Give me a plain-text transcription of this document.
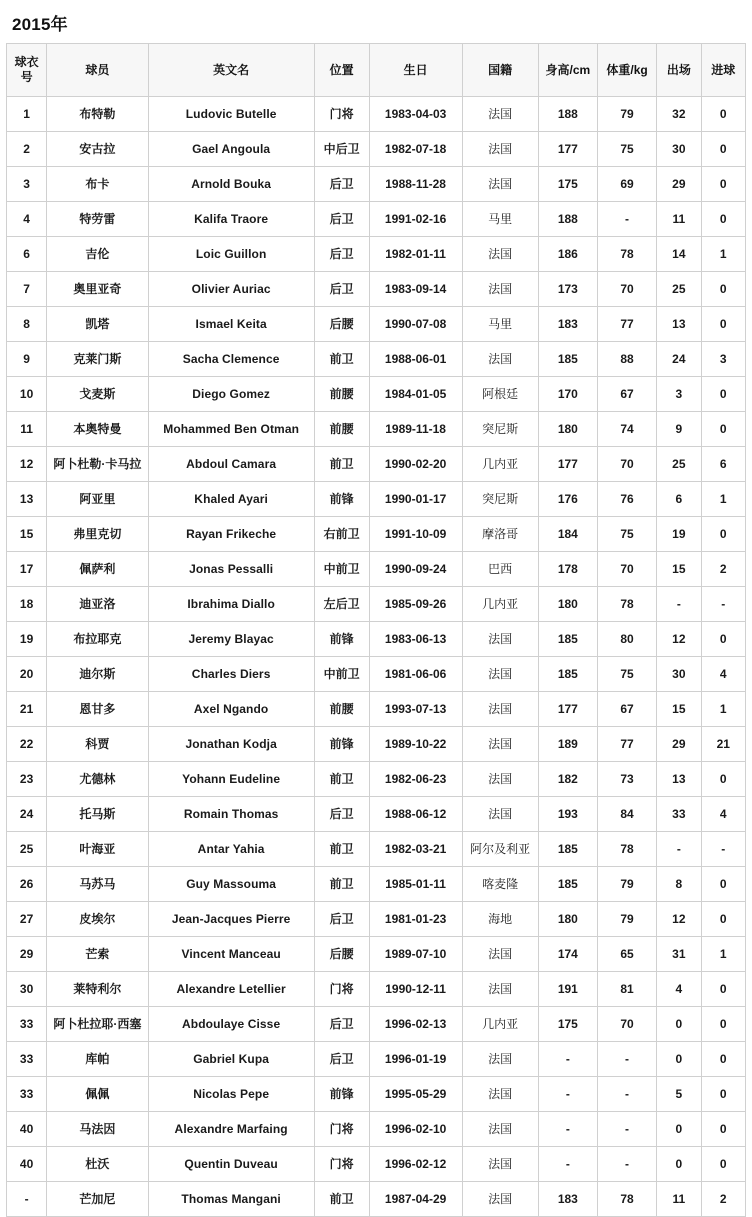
2015年
球衣号	球员	英文名	位置	生日	国籍	身高/cm	体重/kg	出场	进球
1	布特勒	Ludovic Butelle	门将	1983-04-03	法国	188	79	32	0
2	安古拉	Gael Angoula	中后卫	1982-07-18	法国	177	75	30	0
3	布卡	Arnold Bouka	后卫	1988-11-28	法国	175	69	29	0
4	特劳雷	Kalifa Traore	后卫	1991-02-16	马里	188	-	11	0
6	吉伦	Loic Guillon	后卫	1982-01-11	法国	186	78	14	1
7	奥里亚奇	Olivier Auriac	后卫	1983-09-14	法国	173	70	25	0
8	凯塔	Ismael Keita	后腰	1990-07-08	马里	183	77	13	0
9	克莱门斯	Sacha Clemence	前卫	1988-06-01	法国	185	88	24	3
10	戈麦斯	Diego Gomez	前腰	1984-01-05	阿根廷	170	67	3	0
11	本奥特曼	Mohammed Ben Otman	前腰	1989-11-18	突尼斯	180	74	9	0
12	阿卜杜勒·卡马拉	Abdoul Camara	前卫	1990-02-20	几内亚	177	70	25	6
13	阿亚里	Khaled Ayari	前锋	1990-01-17	突尼斯	176	76	6	1
15	弗里克切	Rayan Frikeche	右前卫	1991-10-09	摩洛哥	184	75	19	0
17	佩萨利	Jonas Pessalli	中前卫	1990-09-24	巴西	178	70	15	2
18	迪亚洛	Ibrahima Diallo	左后卫	1985-09-26	几内亚	180	78	-	-
19	布拉耶克	Jeremy Blayac	前锋	1983-06-13	法国	185	80	12	0
20	迪尔斯	Charles Diers	中前卫	1981-06-06	法国	185	75	30	4
21	恩甘多	Axel Ngando	前腰	1993-07-13	法国	177	67	15	1
22	科贾	Jonathan Kodja	前锋	1989-10-22	法国	189	77	29	21
23	尤德林	Yohann Eudeline	前卫	1982-06-23	法国	182	73	13	0
24	托马斯	Romain Thomas	后卫	1988-06-12	法国	193	84	33	4
25	叶海亚	Antar Yahia	前卫	1982-03-21	阿尔及利亚	185	78	-	-
26	马苏马	Guy Massouma	前卫	1985-01-11	喀麦隆	185	79	8	0
27	皮埃尔	Jean-Jacques Pierre	后卫	1981-01-23	海地	180	79	12	0
29	芒索	Vincent Manceau	后腰	1989-07-10	法国	174	65	31	1
30	莱特利尔	Alexandre Letellier	门将	1990-12-11	法国	191	81	4	0
33	阿卜杜拉耶·西塞	Abdoulaye Cisse	后卫	1996-02-13	几内亚	175	70	0	0
33	库帕	Gabriel Kupa	后卫	1996-01-19	法国	-	-	0	0
33	佩佩	Nicolas Pepe	前锋	1995-05-29	法国	-	-	5	0
40	马法因	Alexandre Marfaing	门将	1996-02-10	法国	-	-	0	0
40	杜沃	Quentin Duveau	门将	1996-02-12	法国	-	-	0	0
-	芒加尼	Thomas Mangani	前卫	1987-04-29	法国	183	78	11	2
